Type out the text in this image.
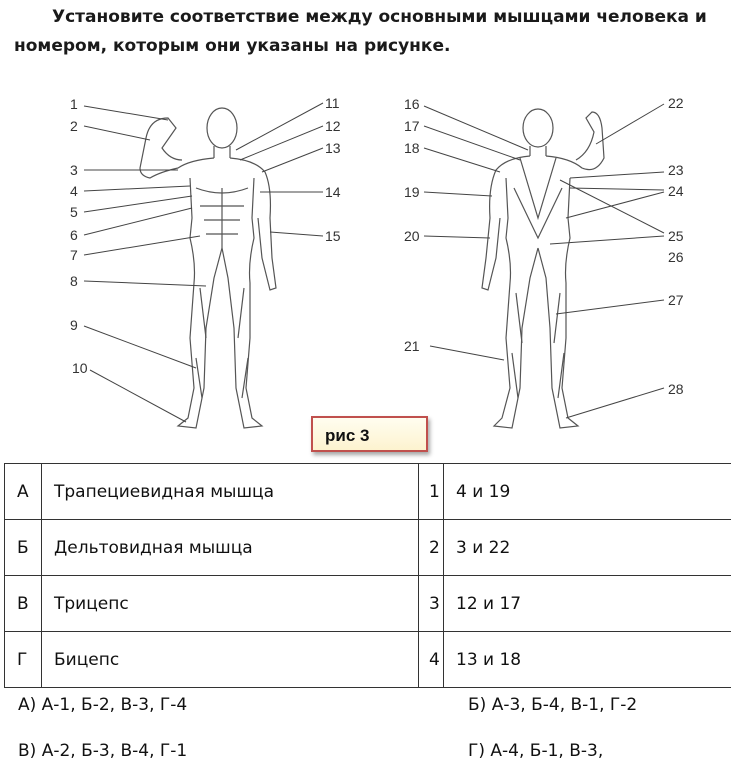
Установите соответствие между основными мышцами человека и
номером, которым они указаны на рисунке.
1
2
3
4
5
6
7
8
9
10
11
12
13
14
15
16
17
18
19
20
21
22
23
24
25
26
27
28
рис 3
А	Трапециевидная мышца	1	4 и 19
Б	Дельтовидная мышца	2	3 и 22
В	Трицепс	3	12 и 17
Г	Бицепс	4	13 и 18
А) А-1, Б-2, В-3, Г-4	Б) А-3, Б-4, В-1, Г-2
В) А-2, Б-3, В-4, Г-1	Г) А-4, Б-1, В-3,
